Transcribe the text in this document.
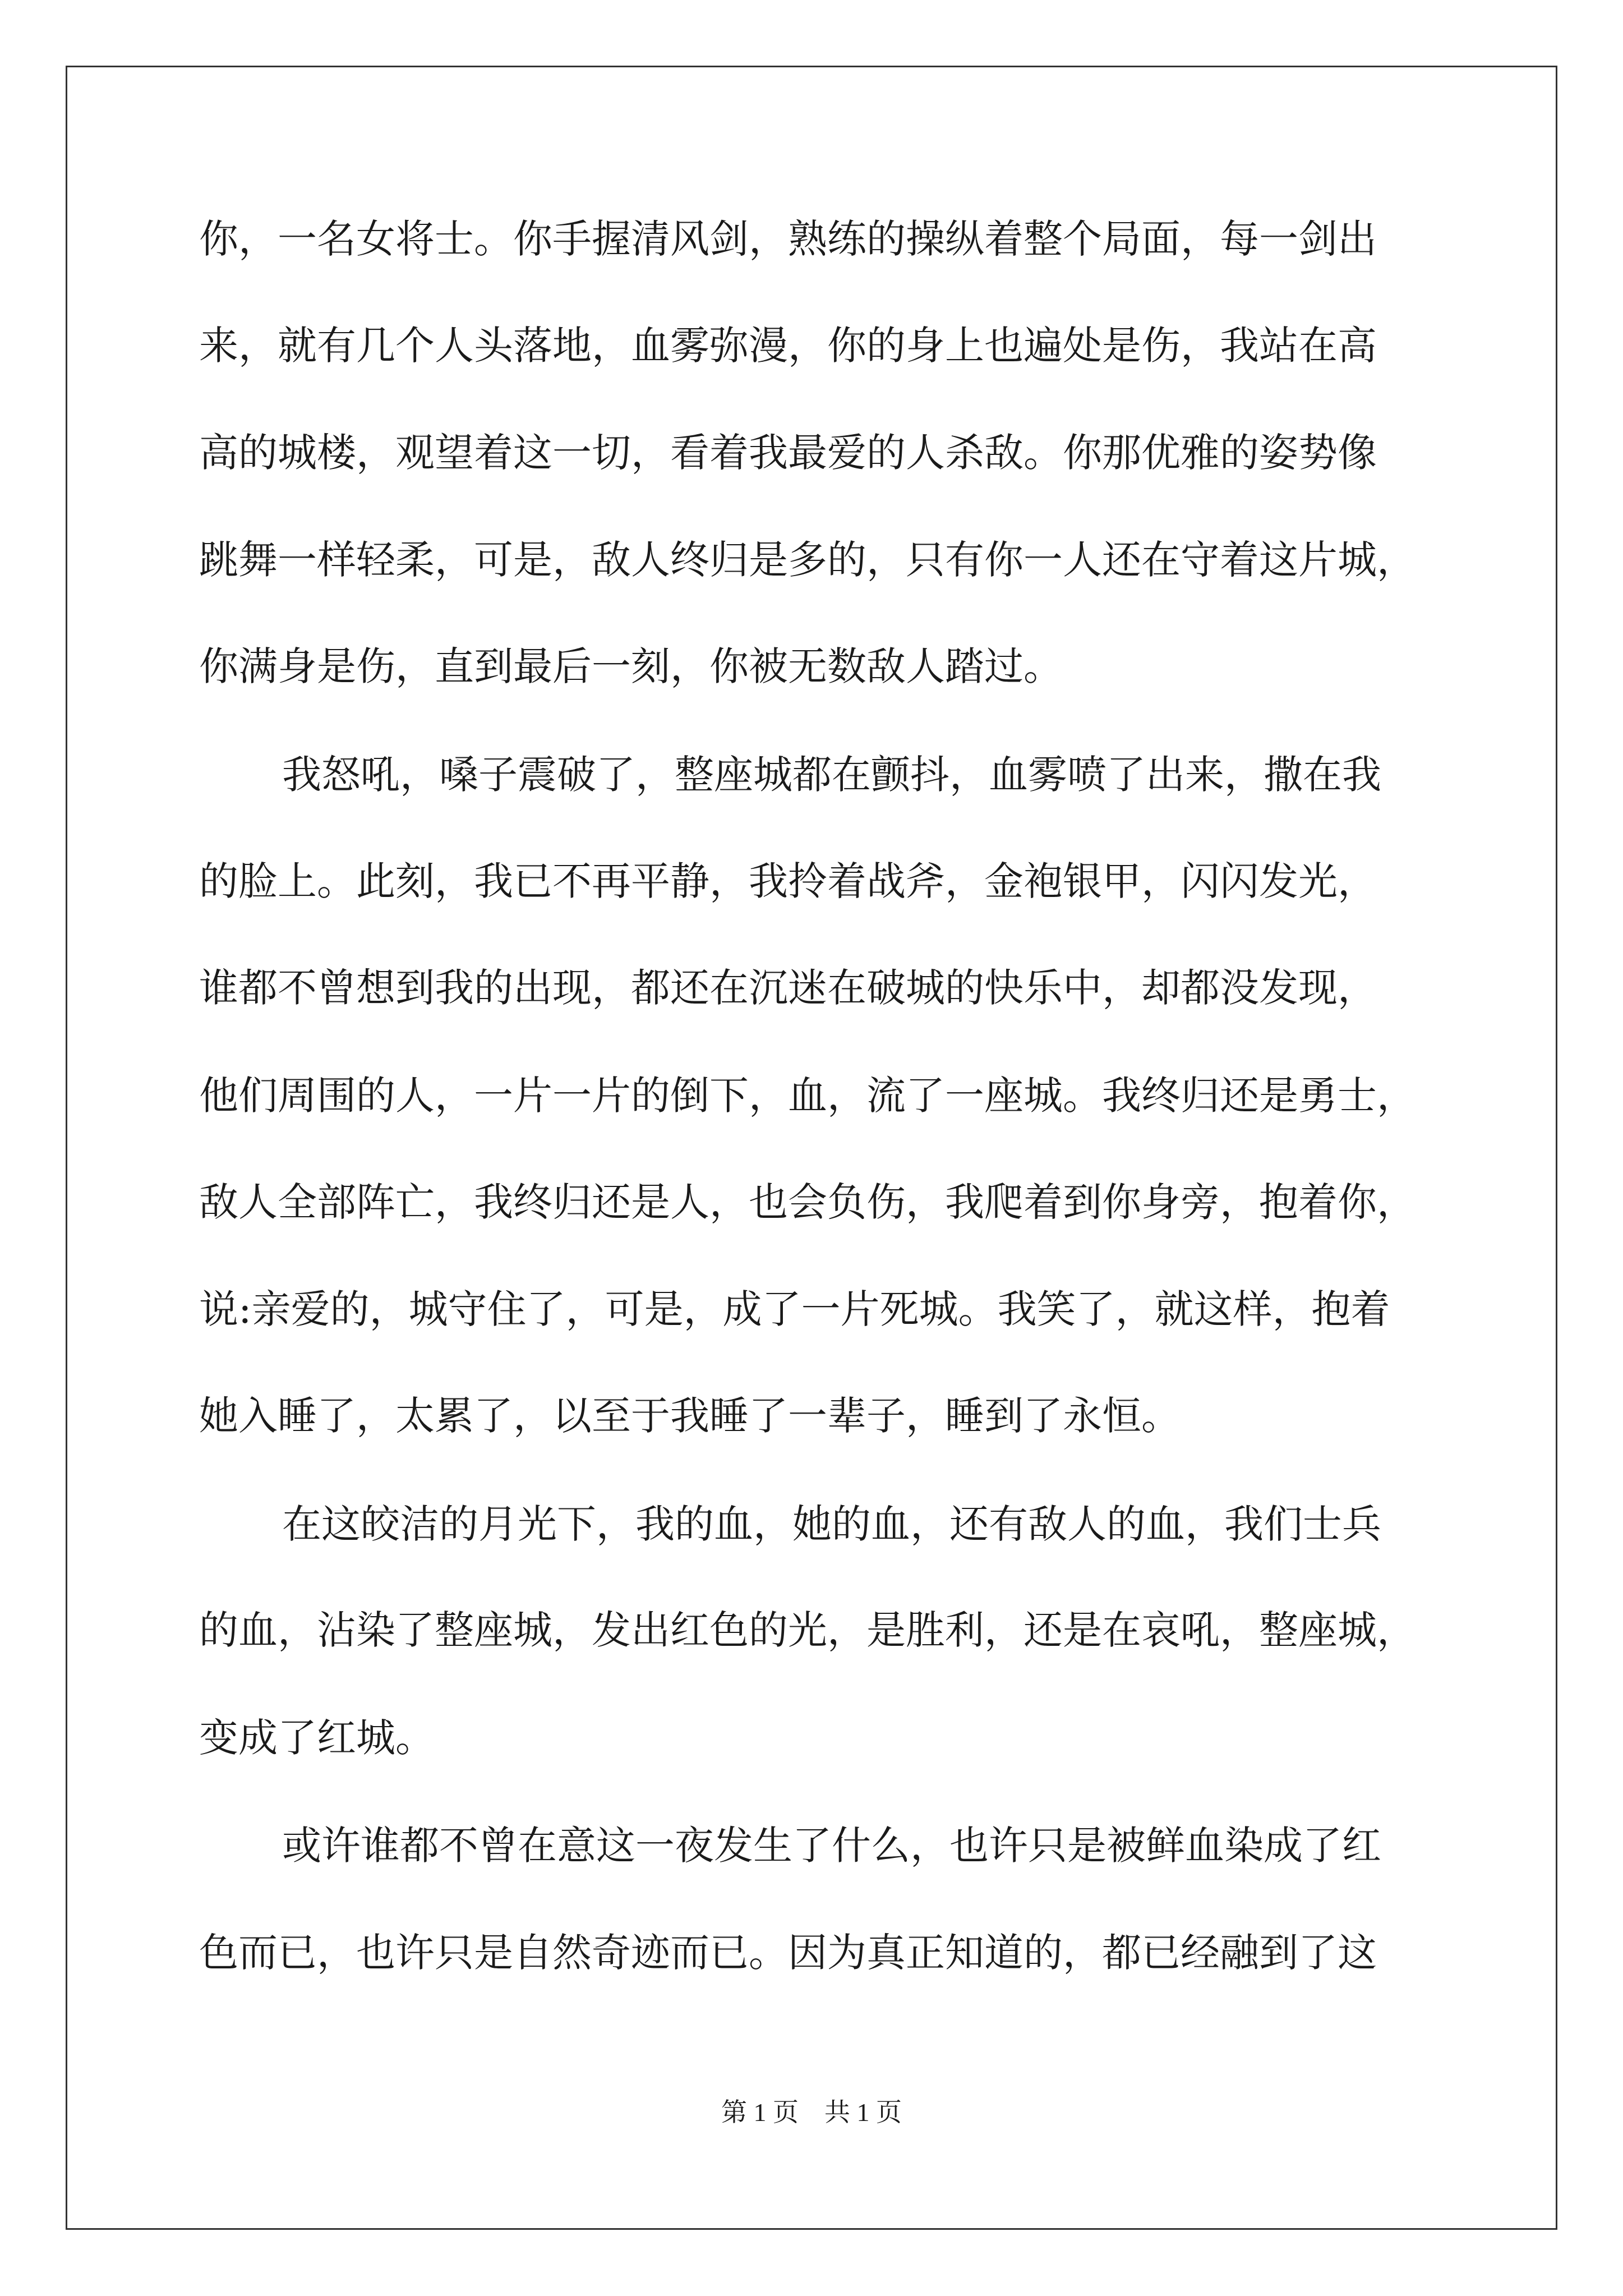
你，一名女将士。你手握清风剑，熟练的操纵着整个局面，每一剑出
来，就有几个人头落地，血雾弥漫，你的身上也遍处是伤，我站在高
高的城楼，观望着这一切，看着我最爱的人杀敌。你那优雅的姿势像
跳舞一样轻柔，可是，敌人终归是多的，只有你一人还在守着这片城，
你满身是伤，直到最后一刻，你被无数敌人踏过。
我怒吼，嗓子震破了，整座城都在颤抖，血雾喷了出来，撒在我
的脸上。此刻，我已不再平静，我拎着战斧，金袍银甲，闪闪发光，
谁都不曾想到我的出现，都还在沉迷在破城的快乐中，却都没发现，
他们周围的人，一片一片的倒下，血，流了一座城。我终归还是勇士，
敌人全部阵亡，我终归还是人，也会负伤，我爬着到你身旁，抱着你，
说:亲爱的，城守住了，可是，成了一片死城。我笑了，就这样，抱着
她入睡了，太累了，以至于我睡了一辈子，睡到了永恒。
在这皎洁的月光下，我的血，她的血，还有敌人的血，我们士兵
的血，沾染了整座城，发出红色的光，是胜利，还是在哀吼，整座城，
变成了红城。
或许谁都不曾在意这一夜发生了什么，也许只是被鲜血染成了红
色而已，也许只是自然奇迹而已。因为真正知道的，都已经融到了这
第 1 页　共 1 页
